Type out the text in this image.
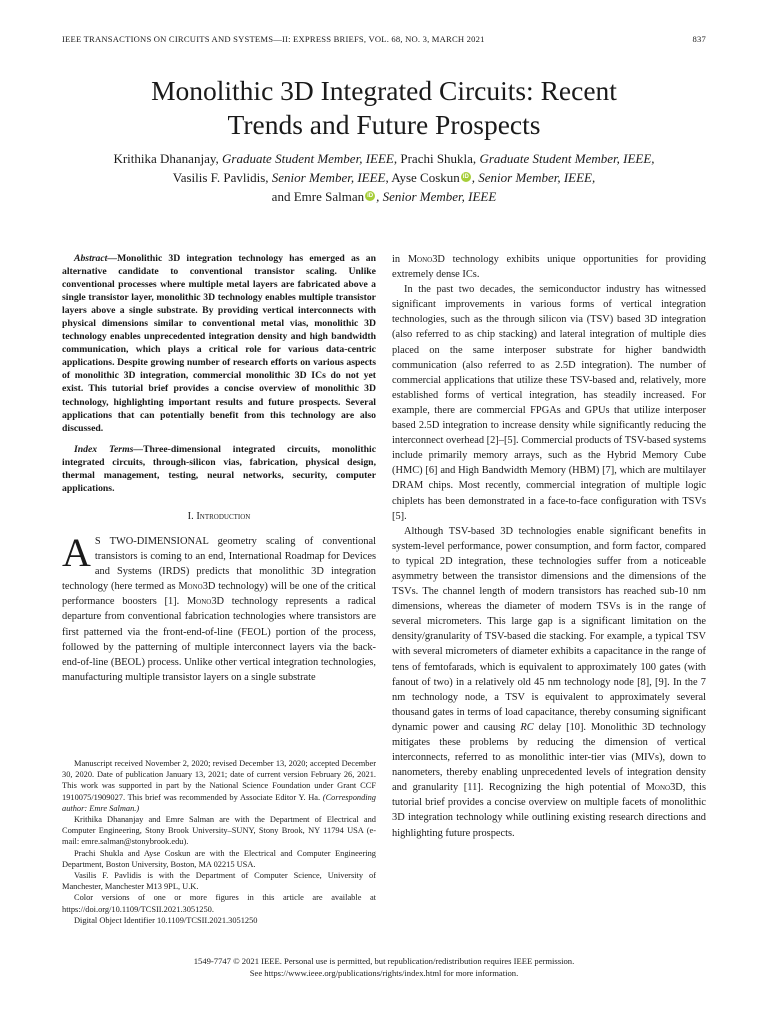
IEEE TRANSACTIONS ON CIRCUITS AND SYSTEMS—II: EXPRESS BRIEFS, VOL. 68, NO. 3, MARCH 2021	837
Monolithic 3D Integrated Circuits: Recent
Trends and Future Prospects
Krithika Dhananjay, Graduate Student Member, IEEE, Prachi Shukla, Graduate Student Member, IEEE,
Vasilis F. Pavlidis, Senior Member, IEEE, Ayse Coskun iD , Senior Member, IEEE,
and Emre Salman iD , Senior Member, IEEE

Abstract—Monolithic 3D integration technology has emerged as an alternative candidate to conventional transistor scaling. Unlike conventional processes where multiple metal layers are fabricated above a single transistor layer, monolithic 3D technology enables multiple transistor layers above a single substrate. By providing vertical interconnects with physical dimensions similar to conventional metal vias, monolithic 3D technology enables unprecedented integration density and high bandwidth communication, which plays a critical role for various data-centric applications. Despite growing number of research efforts on various aspects of monolithic 3D integration, commercial monolithic 3D ICs do not yet exist. This tutorial brief provides a concise overview of monolithic 3D technology, highlighting important results and future prospects. Several applications that can potentially benefit from this technology are also discussed.

Index Terms—Three-dimensional integrated circuits, monolithic integrated circuits, through-silicon vias, fabrication, physical design, thermal management, testing, neural networks, security, computer applications.

I. Introduction

A S TWO-DIMENSIONAL geometry scaling of conventional transistors is coming to an end, International Roadmap for Devices and Systems (IRDS) predicts that monolithic 3D integration technology (here termed as Mono3D technology) will be one of the critical performance boosters [1]. Mono3D technology represents a radical departure from conventional fabrication technologies where transistors are first patterned via the front-end-of-line (FEOL) portion of the process, followed by the patterning of multiple interconnect layers via the back-end-of-line (BEOL) process. Unlike other vertical integration technologies, manufacturing multiple transistor layers on a single substrate

Manuscript received November 2, 2020; revised December 13, 2020; accepted December 30, 2020. Date of publication January 13, 2021; date of current version February 26, 2021. This work was supported in part by the National Science Foundation under Grant CCF 1910075/1909027. This brief was recommended by Associate Editor Y. Ha. (Corresponding author: Emre Salman.)

Krithika Dhananjay and Emre Salman are with the Department of Electrical and Computer Engineering, Stony Brook University–SUNY, Stony Brook, NY 11794 USA (e-mail: emre.salman@stonybrook.edu).

Prachi Shukla and Ayse Coskun are with the Electrical and Computer Engineering Department, Boston University, Boston, MA 02215 USA.

Vasilis F. Pavlidis is with the Department of Computer Science, University of Manchester, Manchester M13 9PL, U.K.

Color versions of one or more figures in this article are available at https://doi.org/10.1109/TCSII.2021.3051250.

Digital Object Identifier 10.1109/TCSII.2021.3051250

in Mono3D technology exhibits unique opportunities for providing extremely dense ICs.

In the past two decades, the semiconductor industry has witnessed significant improvements in various forms of vertical integration technologies, such as the through silicon via (TSV) based 3D integration (also referred to as chip stacking) and lateral integration of multiple dies placed on the same interposer substrate for higher bandwidth communication (also referred to as 2.5D integration). The number of commercial applications that utilize these TSV-based and, relatively, more established forms of vertical integration, has steadily increased. For example, there are commercial FPGAs and GPUs that utilize interposer based 2.5D integration to increase density while significantly reducing the interconnect overhead [2]–[5]. Commercial products of TSV-based systems include primarily memory arrays, such as the Hybrid Memory Cube (HMC) [6] and High Bandwidth Memory (HBM) [7], which are multilayer DRAM chips. Most recently, commercial integration of multiple logic chiplets has been demonstrated in a face-to-face configuration with TSVs [5].

Although TSV-based 3D technologies enable significant benefits in system-level performance, power consumption, and form factor, compared to typical 2D integration, these technologies suffer from a noticeable asymmetry between the transistor dimensions and the dimensions of the TSVs. The channel length of modern transistors has reached sub-10 nm dimensions, whereas the diameter of modern TSVs is in the range of several micrometers. This large gap is a significant limitation on the density/granularity of TSV-based die stacking. For example, a typical TSV with several micrometers of diameter exhibits a capacitance in the range of tens of femtofarads, which is equivalent to approximately 100 gates (with fanout of two) in a relatively old 45 nm technology node [8], [9]. In the 7 nm technology node, a TSV is equivalent to approximately several thousand gates in terms of load capacitance, thereby consuming significant dynamic power and causing RC delay [10]. Monolithic 3D technology mitigates these problems by reducing the dimension of vertical interconnects, referred to as monolithic inter-tier vias (MIVs), down to nanometers, thereby enabling unprecedented levels of integration density and granularity [11]. Recognizing the high potential of Mono3D, this tutorial brief provides a concise overview on multiple facets of monolithic 3D integration technology while outlining existing research directions and highlighting future prospects.

1549-7747 © 2021 IEEE. Personal use is permitted, but republication/redistribution requires IEEE permission.
See https://www.ieee.org/publications/rights/index.html for more information.
